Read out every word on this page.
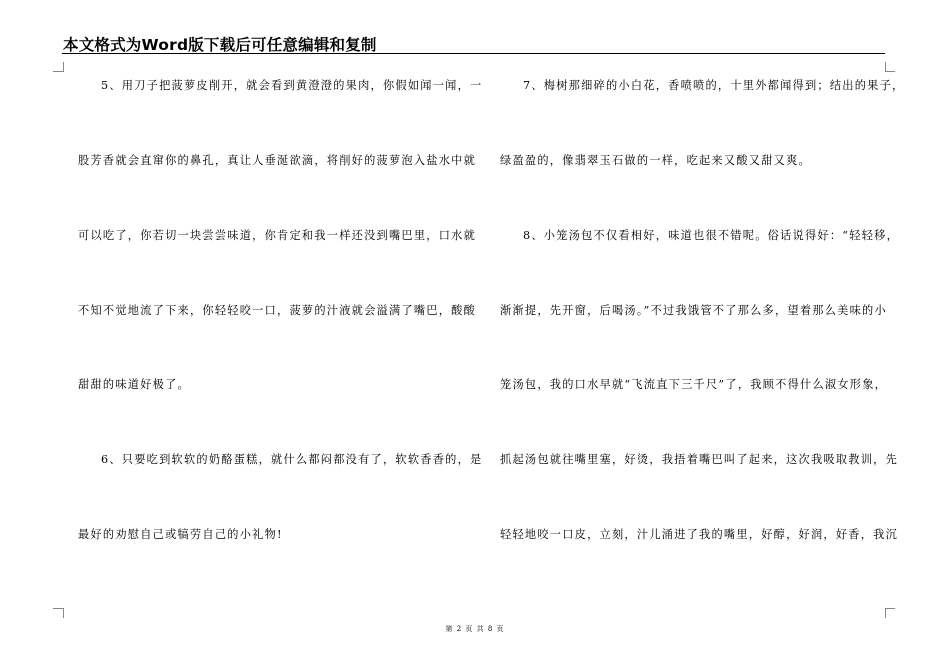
本文格式为Word版下载后可任意编辑和复制
5、用刀子把菠萝皮削开，就会看到黄澄澄的果肉，你假如闻一闻，一
股芳香就会直窜你的鼻孔，真让人垂涎欲滴，将削好的菠萝泡入盐水中就
可以吃了，你若切一块尝尝味道，你肯定和我一样还没到嘴巴里，口水就
不知不觉地流了下来，你轻轻咬一口，菠萝的汁液就会溢满了嘴巴，酸酸
甜甜的味道好极了。
6、只要吃到软软的奶酪蛋糕，就什么都闷都没有了，软软香香的，是
最好的劝慰自己或犒劳自己的小礼物!
7、梅树那细碎的小白花，香喷喷的，十里外都闻得到；结出的果子，
绿盈盈的，像翡翠玉石做的一样，吃起来又酸又甜又爽。
8、小笼汤包不仅看相好，味道也很不错呢。俗话说得好：“轻轻移，
渐渐提，先开窗，后喝汤。”不过我饿管不了那么多，望着那么美味的小
笼汤包，我的口水早就“飞流直下三千尺”了，我顾不得什么淑女形象，
抓起汤包就往嘴里塞，好烫，我捂着嘴巴叫了起来，这次我吸取教训，先
轻轻地咬一口皮，立刻，汁儿涌进了我的嘴里，好醇，好润，好香，我沉
第 2 页 共 8 页
